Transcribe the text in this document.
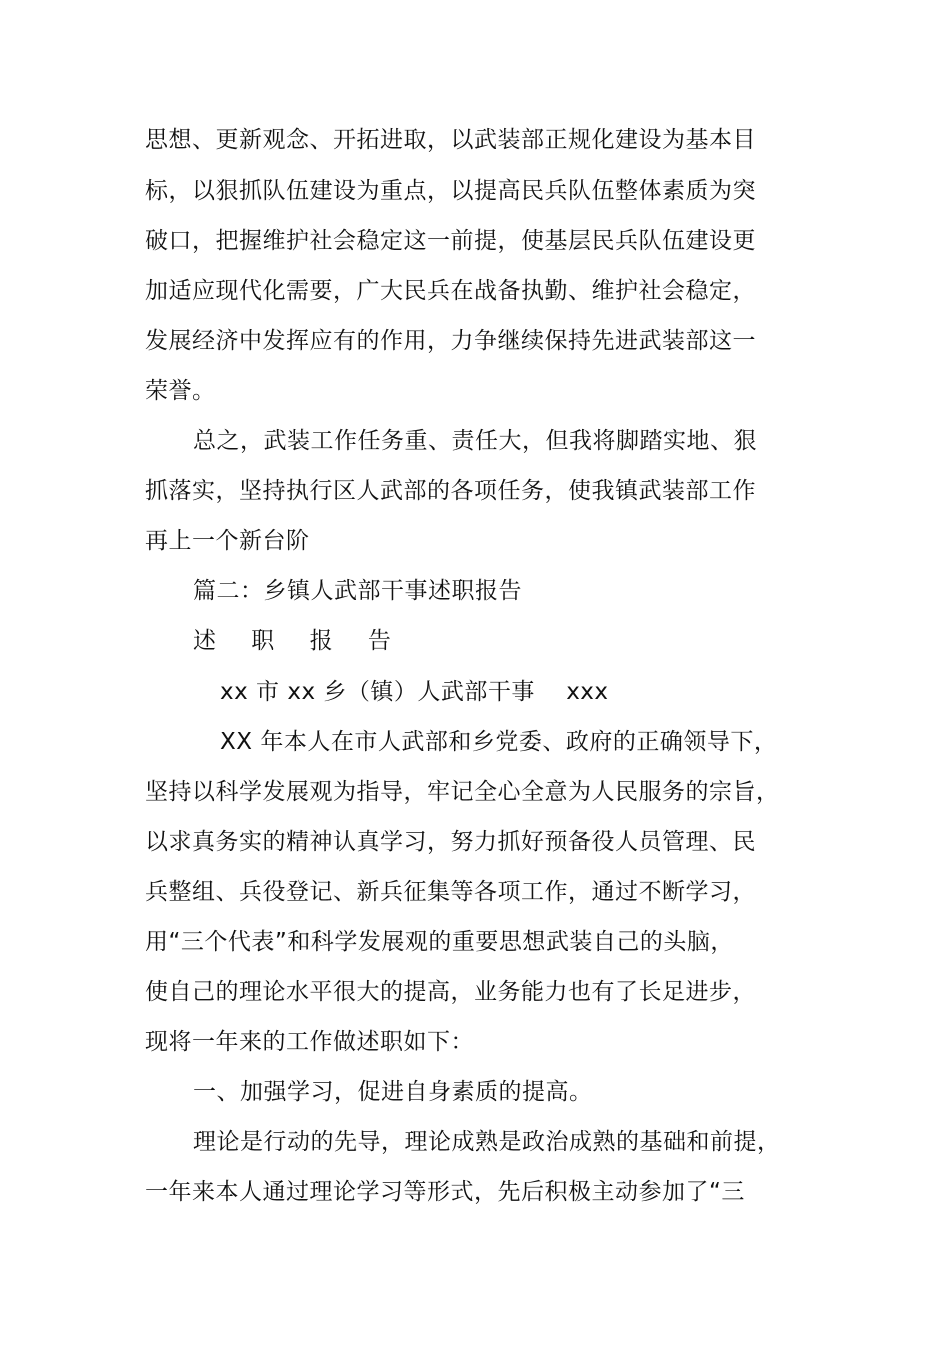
思想、更新观念、开拓进取，以武装部正规化建设为基本目
标，以狠抓队伍建设为重点，以提高民兵队伍整体素质为突
破口，把握维护社会稳定这一前提，使基层民兵队伍建设更
加适应现代化需要，广大民兵在战备执勤、维护社会稳定，
发展经济中发挥应有的作用，力争继续保持先进武装部这一
荣誉。
总之，武装工作任务重、责任大，但我将脚踏实地、狠
抓落实，坚持执行区人武部的各项任务，使我镇武装部工作
再上一个新台阶
篇二：乡镇人武部干事述职报告
述 职 报 告
xx 市 xx 乡（镇）人武部干事　 xxx
XX 年本人在市人武部和乡党委、政府的正确领导下，
坚持以科学发展观为指导，牢记全心全意为人民服务的宗旨，
以求真务实的精神认真学习，努力抓好预备役人员管理、民
兵整组、兵役登记、新兵征集等各项工作，通过不断学习，
用“三个代表”和科学发展观的重要思想武装自己的头脑，
使自己的理论水平很大的提高，业务能力也有了长足进步，
现将一年来的工作做述职如下：
一、加强学习，促进自身素质的提高。
理论是行动的先导，理论成熟是政治成熟的基础和前提，
一年来本人通过理论学习等形式，先后积极主动参加了“三
